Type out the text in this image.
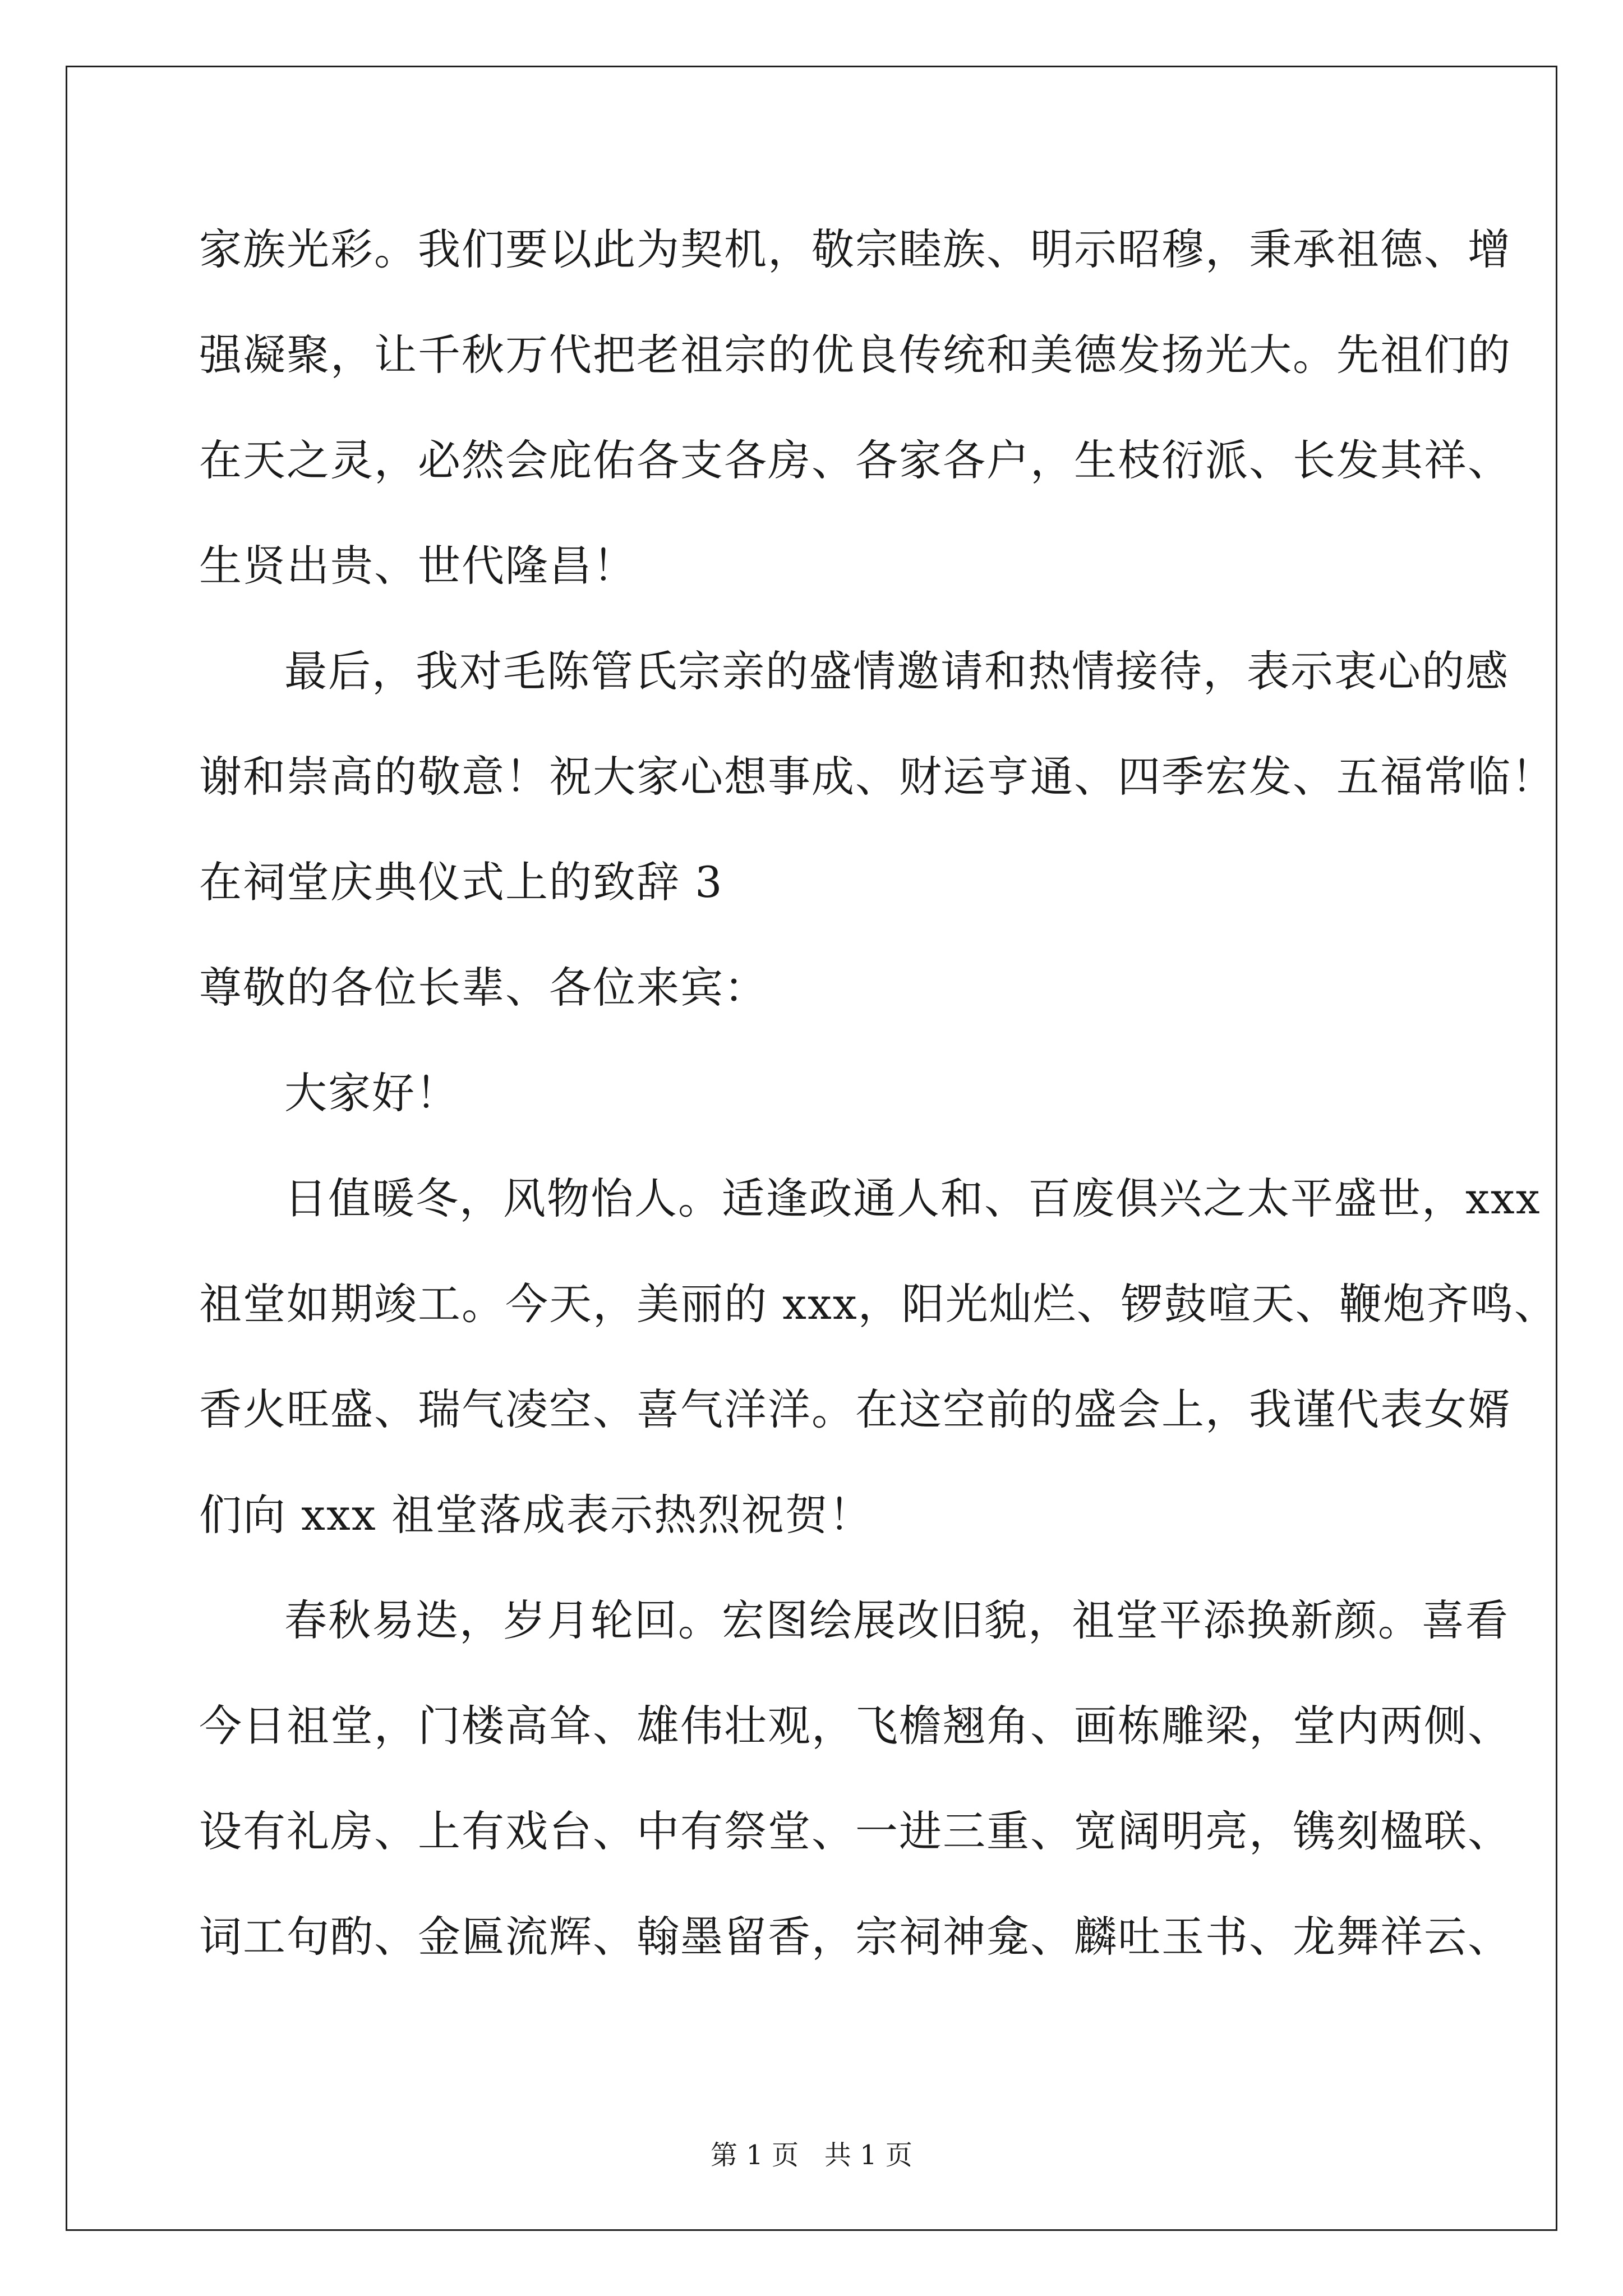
家族光彩。我们要以此为契机，敬宗睦族、明示昭穆，秉承祖德、增
强凝聚，让千秋万代把老祖宗的优良传统和美德发扬光大。先祖们的
在天之灵，必然会庇佑各支各房、各家各户，生枝衍派、长发其祥、
生贤出贵、世代隆昌！
最后，我对毛陈管氏宗亲的盛情邀请和热情接待，表示衷心的感
谢和崇高的敬意！祝大家心想事成、财运亨通、四季宏发、五福常临！
在祠堂庆典仪式上的致辞 3
尊敬的各位长辈、各位来宾：
大家好！
日值暖冬，风物怡人。适逢政通人和、百废俱兴之太平盛世，xxx
祖堂如期竣工。今天，美丽的 xxx，阳光灿烂、锣鼓喧天、鞭炮齐鸣、
香火旺盛、瑞气凌空、喜气洋洋。在这空前的盛会上，我谨代表女婿
们向 xxx 祖堂落成表示热烈祝贺！
春秋易迭，岁月轮回。宏图绘展改旧貌，祖堂平添换新颜。喜看
今日祖堂，门楼高耸、雄伟壮观，飞檐翘角、画栋雕梁，堂内两侧、
设有礼房、上有戏台、中有祭堂、一进三重、宽阔明亮，镌刻楹联、
词工句酌、金匾流辉、翰墨留香，宗祠神龛、麟吐玉书、龙舞祥云、
第 1 页   共 1 页
